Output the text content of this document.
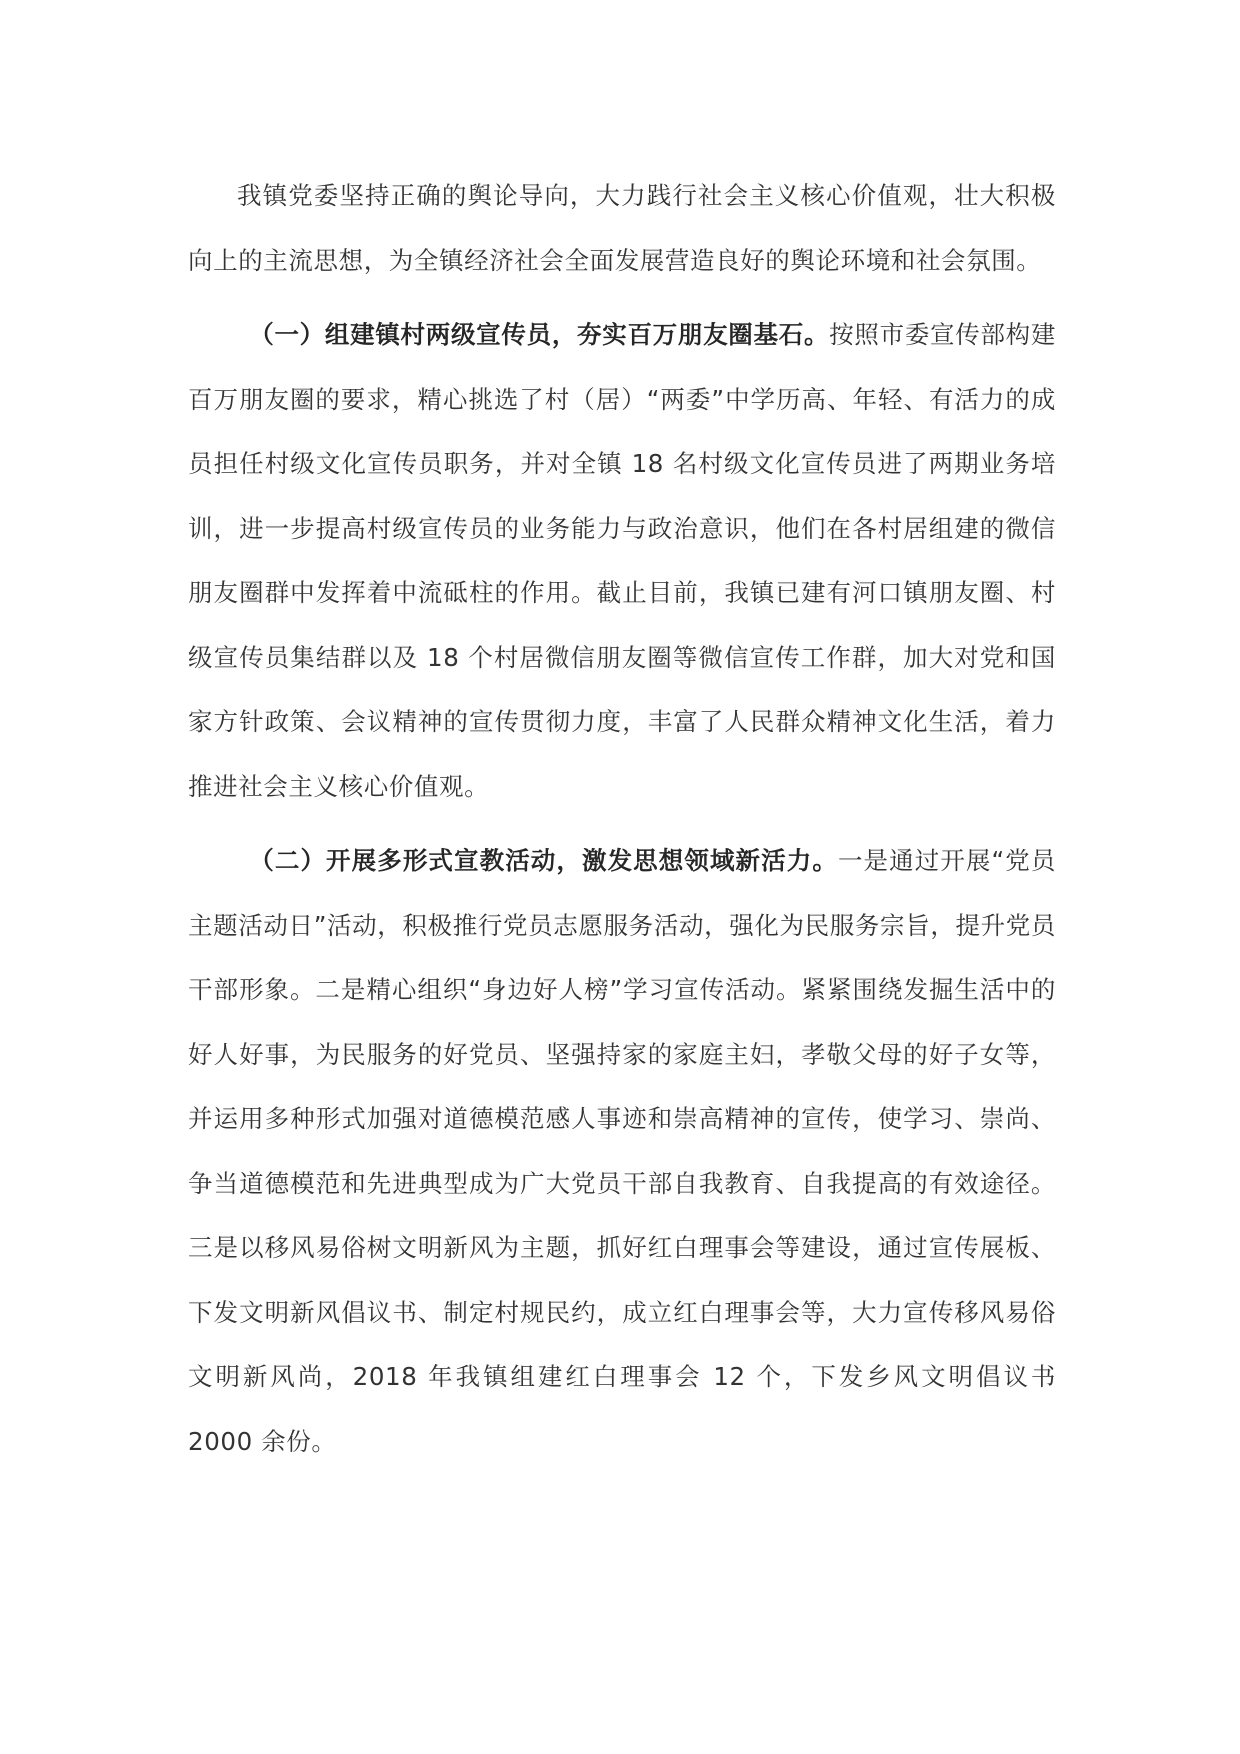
我镇党委坚持正确的舆论导向，大力践行社会主义核心价值观，壮大积极向上的主流思想，为全镇经济社会全面发展营造良好的舆论环境和社会氛围。

（一）组建镇村两级宣传员，夯实百万朋友圈基石。按照市委宣传部构建百万朋友圈的要求，精心挑选了村（居）“两委”中学历高、年轻、有活力的成员担任村级文化宣传员职务，并对全镇 18 名村级文化宣传员进了两期业务培训，进一步提高村级宣传员的业务能力与政治意识，他们在各村居组建的微信朋友圈群中发挥着中流砥柱的作用。截止目前，我镇已建有河口镇朋友圈、村级宣传员集结群以及 18 个村居微信朋友圈等微信宣传工作群，加大对党和国家方针政策、会议精神的宣传贯彻力度，丰富了人民群众精神文化生活，着力推进社会主义核心价值观。

（二）开展多形式宣教活动，激发思想领域新活力。一是通过开展“党员主题活动日”活动，积极推行党员志愿服务活动，强化为民服务宗旨，提升党员干部形象。二是精心组织“身边好人榜”学习宣传活动。紧紧围绕发掘生活中的好人好事，为民服务的好党员、坚强持家的家庭主妇，孝敬父母的好子女等，并运用多种形式加强对道德模范感人事迹和崇高精神的宣传，使学习、崇尚、争当道德模范和先进典型成为广大党员干部自我教育、自我提高的有效途径。三是以移风易俗树文明新风为主题，抓好红白理事会等建设，通过宣传展板、下发文明新风倡议书、制定村规民约，成立红白理事会等，大力宣传移风易俗文明新风尚，2018 年我镇组建红白理事会 12 个，下发乡风文明倡议书 2000 余份。
